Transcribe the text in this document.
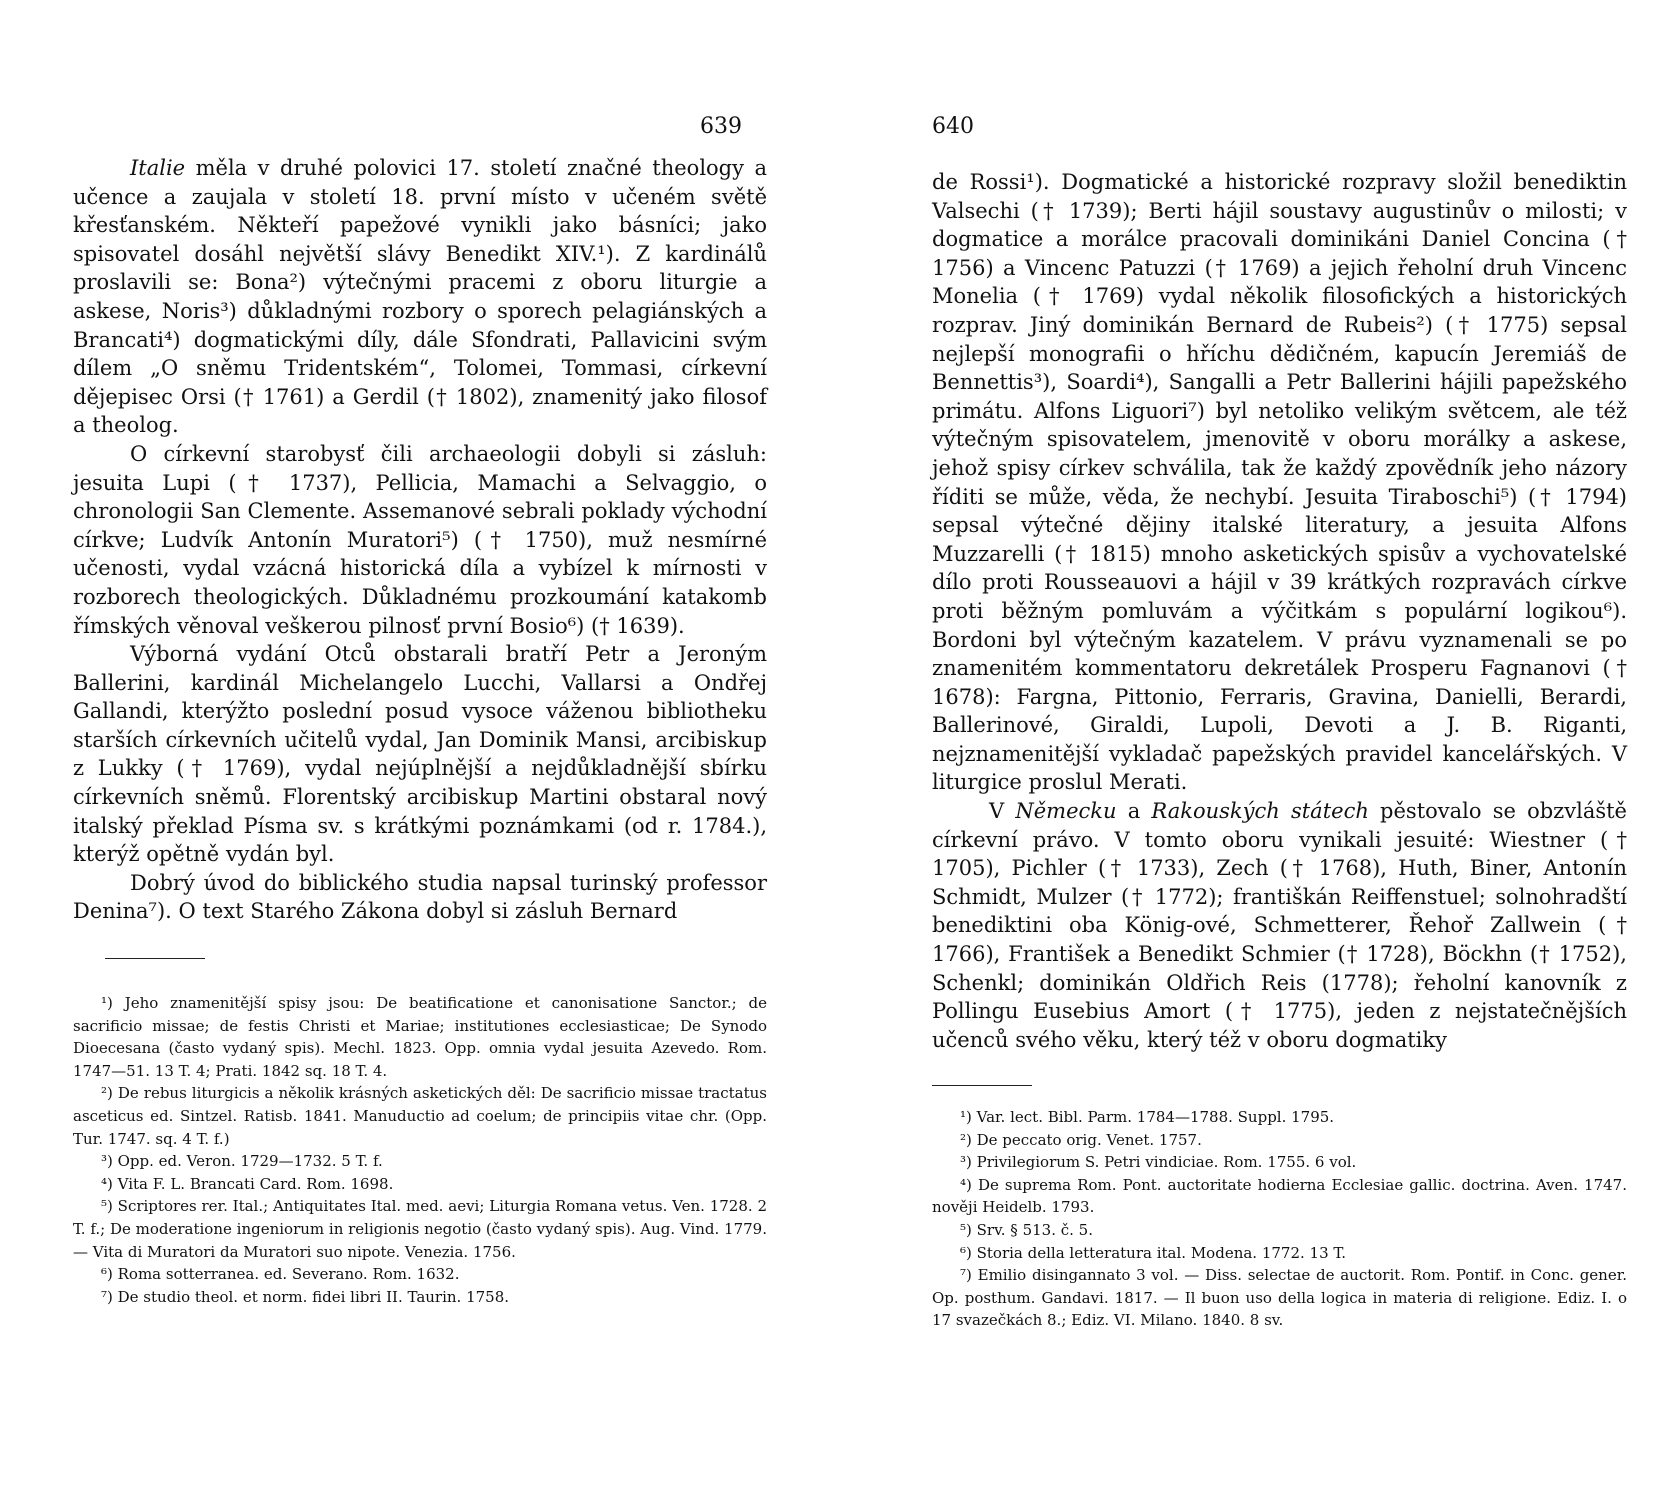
639

Italie měla v druhé polovici 17. století značné theology a učence a zaujala v století 18. první místo v učeném světě křesťanském. Někteří papežové vynikli jako básníci; jako spisovatel dosáhl největší slávy Benedikt XIV.¹). Z kardinálů proslavili se: Bona²) výtečnými pracemi z oboru liturgie a askese, Noris³) důkladnými rozbory o sporech pelagiánských a Brancati⁴) dogmatickými díly, dále Sfondrati, Pallavicini svým dílem „O sněmu Tridentském“, Tolomei, Tommasi, církevní dějepisec Orsi († 1761) a Gerdil († 1802), znamenitý jako filosof a theolog.

O církevní starobysť čili archaeologii dobyli si zásluh: jesuita Lupi († 1737), Pellicia, Mamachi a Selvaggio, o chronologii San Clemente. Assemanové sebrali poklady východní církve; Ludvík Antonín Muratori⁵) († 1750), muž nesmírné učenosti, vydal vzácná historická díla a vybízel k mírnosti v rozborech theologických. Důkladnému prozkoumání katakomb římských věnoval veškerou pilnosť první Bosio⁶) († 1639).

Výborná vydání Otců obstarali bratří Petr a Jeroným Ballerini, kardinál Michelangelo Lucchi, Vallarsi a Ondřej Gallandi, kterýžto poslední posud vysoce váženou bibliotheku starších církevních učitelů vydal, Jan Dominik Mansi, arcibiskup z Lukky († 1769), vydal nejúplnější a nejdůkladnější sbírku církevních sněmů. Florentský arcibiskup Martini obstaral nový italský překlad Písma sv. s krátkými poznámkami (od r. 1784.), kterýž opětně vydán byl.

Dobrý úvod do biblického studia napsal turinský professor Denina⁷). O text Starého Zákona dobyl si zásluh Bernard

¹) Jeho znamenitější spisy jsou: De beatificatione et canonisatione Sanctor.; de sacrificio missae; de festis Christi et Mariae; institutiones ecclesiasticae; De Synodo Dioecesana (často vydaný spis). Mechl. 1823. Opp. omnia vydal jesuita Azevedo. Rom. 1747—51. 13 T. 4; Prati. 1842 sq. 18 T. 4.

²) De rebus liturgicis a několik krásných asketických děl: De sacrificio missae tractatus asceticus ed. Sintzel. Ratisb. 1841. Manuductio ad coelum; de principiis vitae chr. (Opp. Tur. 1747. sq. 4 T. f.)

³) Opp. ed. Veron. 1729—1732. 5 T. f.

⁴) Vita F. L. Brancati Card. Rom. 1698.

⁵) Scriptores rer. Ital.; Antiquitates Ital. med. aevi; Liturgia Romana vetus. Ven. 1728. 2 T. f.; De moderatione ingeniorum in religionis negotio (často vydaný spis). Aug. Vind. 1779. — Vita di Muratori da Muratori suo nipote. Venezia. 1756.

⁶) Roma sotterranea. ed. Severano. Rom. 1632.

⁷) De studio theol. et norm. fidei libri II. Taurin. 1758.

640

de Rossi¹). Dogmatické a historické rozpravy složil benediktin Valsechi († 1739); Berti hájil soustavy augustinův o milosti; v dogmatice a morálce pracovali dominikáni Daniel Concina († 1756) a Vincenc Patuzzi († 1769) a jejich řeholní druh Vincenc Monelia († 1769) vydal několik filosofických a historických rozprav. Jiný dominikán Bernard de Rubeis²) († 1775) sepsal nejlepší monografii o hříchu dědičném, kapucín Jeremiáš de Bennettis³), Soardi⁴), Sangalli a Petr Ballerini hájili papežského primátu. Alfons Liguori⁷) byl netoliko velikým světcem, ale též výtečným spisovatelem, jmenovitě v oboru morálky a askese, jehož spisy církev schválila, tak že každý zpovědník jeho názory říditi se může, věda, že nechybí. Jesuita Tiraboschi⁵) († 1794) sepsal výtečné dějiny italské literatury, a jesuita Alfons Muzzarelli († 1815) mnoho asketických spisův a vychovatelské dílo proti Rousseauovi a hájil v 39 krátkých rozpravách církve proti běžným pomluvám a výčitkám s populární logikou⁶). Bordoni byl výtečným kazatelem. V právu vyznamenali se po znamenitém kommentatoru dekretálek Prosperu Fagnanovi († 1678): Fargna, Pittonio, Ferraris, Gravina, Danielli, Berardi, Ballerinové, Giraldi, Lupoli, Devoti a J. B. Riganti, nejznamenitější vykladač papežských pravidel kancelářských. V liturgice proslul Merati.

V Německu a Rakouských státech pěstovalo se obzvláště církevní právo. V tomto oboru vynikali jesuité: Wiestner († 1705), Pichler († 1733), Zech († 1768), Huth, Biner, Antonín Schmidt, Mulzer († 1772); františkán Reiffenstuel; solnohradští benediktini oba König-ové, Schmetterer, Řehoř Zallwein († 1766), František a Benedikt Schmier († 1728), Böckhn († 1752), Schenkl; dominikán Oldřich Reis (1778); řeholní kanovník z Pollingu Eusebius Amort († 1775), jeden z nejstatečnějších učenců svého věku, který též v oboru dogmatiky

¹) Var. lect. Bibl. Parm. 1784—1788. Suppl. 1795.

²) De peccato orig. Venet. 1757.

³) Privilegiorum S. Petri vindiciae. Rom. 1755. 6 vol.

⁴) De suprema Rom. Pont. auctoritate hodierna Ecclesiae gallic. doctrina. Aven. 1747. nověji Heidelb. 1793.

⁵) Srv. § 513. č. 5.

⁶) Storia della letteratura ital. Modena. 1772. 13 T.

⁷) Emilio disingannato 3 vol. — Diss. selectae de auctorit. Rom. Pontif. in Conc. gener. Op. posthum. Gandavi. 1817. — Il buon uso della logica in materia di religione. Ediz. I. o 17 svazečkách 8.; Ediz. VI. Milano. 1840. 8 sv.
